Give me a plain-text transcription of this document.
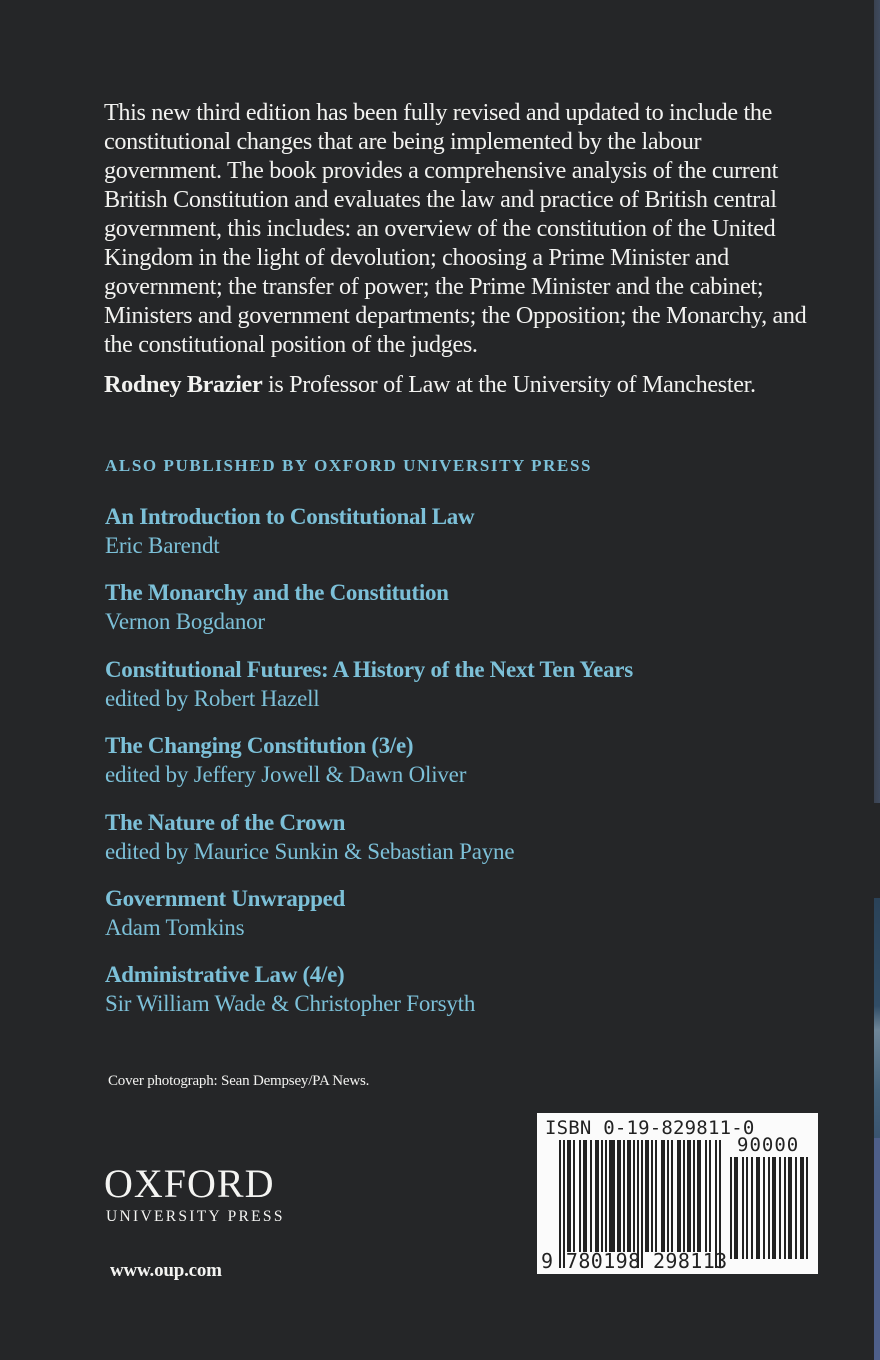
This new third edition has been fully revised and updated to include the constitutional changes that are being implemented by the labour government. The book provides a comprehensive analysis of the current British Constitution and evaluates the law and practice of British central government, this includes: an overview of the constitution of the United Kingdom in the light of devolution; choosing a Prime Minister and government; the transfer of power; the Prime Minister and the cabinet; Ministers and government departments; the Opposition; the Monarchy, and the constitutional position of the judges.

Rodney Brazier is Professor of Law at the University of Manchester.

ALSO PUBLISHED BY OXFORD UNIVERSITY PRESS
An Introduction to Constitutional Law
Eric Barendt
The Monarchy and the Constitution
Vernon Bogdanor
Constitutional Futures: A History of the Next Ten Years
edited by Robert Hazell
The Changing Constitution (3/e)
edited by Jeffery Jowell & Dawn Oliver
The Nature of the Crown
edited by Maurice Sunkin & Sebastian Payne
Government Unwrapped
Adam Tomkins
Administrative Law (4/e)
Sir William Wade & Christopher Forsyth

Cover photograph: Sean Dempsey/PA News.

OXFORD
UNIVERSITY PRESS
www.oup.com
ISBN 0-19-829811-0
90000
9 780198 298113
